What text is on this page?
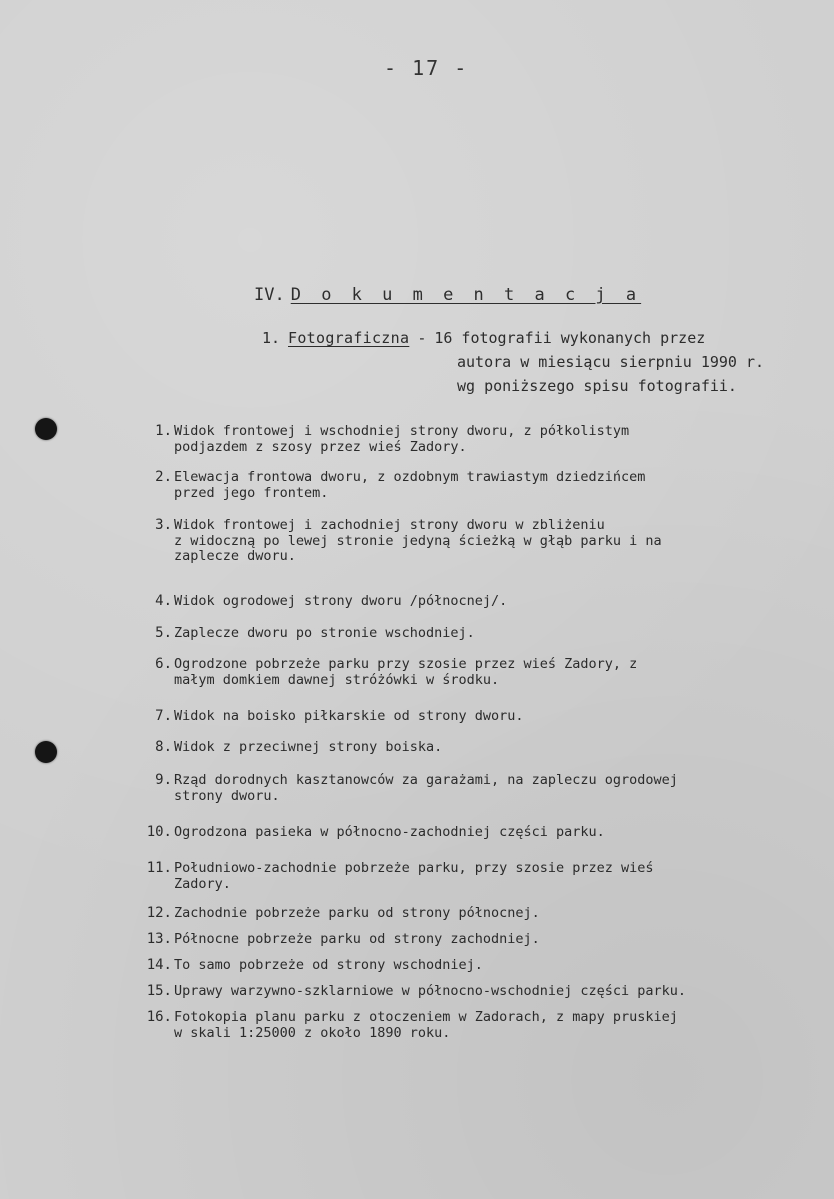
- 17 -
IV. D o k u m e n t a c j a
1. Fotograficzna - 16 fotografii wykonanych przez
autora w miesiącu sierpniu 1990 r.
wg poniższego spisu fotografii.
1. Widok frontowej i wschodniej strony dworu, z półkolistym
podjazdem z szosy przez wieś Zadory.
2. Elewacja frontowa dworu, z ozdobnym trawiastym dziedzińcem
przed jego frontem.
3. Widok frontowej i zachodniej strony dworu w zbliżeniu
z widoczną po lewej stronie jedyną ścieżką w głąb parku i na
zaplecze dworu.
4. Widok ogrodowej strony dworu /północnej/.
5. Zaplecze dworu po stronie wschodniej.
6. Ogrodzone pobrzeże parku przy szosie przez wieś Zadory, z
małym domkiem dawnej stróżówki w środku.
7. Widok na boisko piłkarskie od strony dworu.
8. Widok z przeciwnej strony boiska.
9. Rząd dorodnych kasztanowców za garażami, na zapleczu ogrodowej
strony dworu.
10. Ogrodzona pasieka w północno-zachodniej części parku.
11. Południowo-zachodnie pobrzeże parku, przy szosie przez wieś
Zadory.
12. Zachodnie pobrzeże parku od strony północnej.
13. Północne pobrzeże parku od strony zachodniej.
14. To samo pobrzeże od strony wschodniej.
15. Uprawy warzywno-szklarniowe w północno-wschodniej części parku.
16. Fotokopia planu parku z otoczeniem w Zadorach, z mapy pruskiej
w skali 1:25000 z około 1890 roku.
